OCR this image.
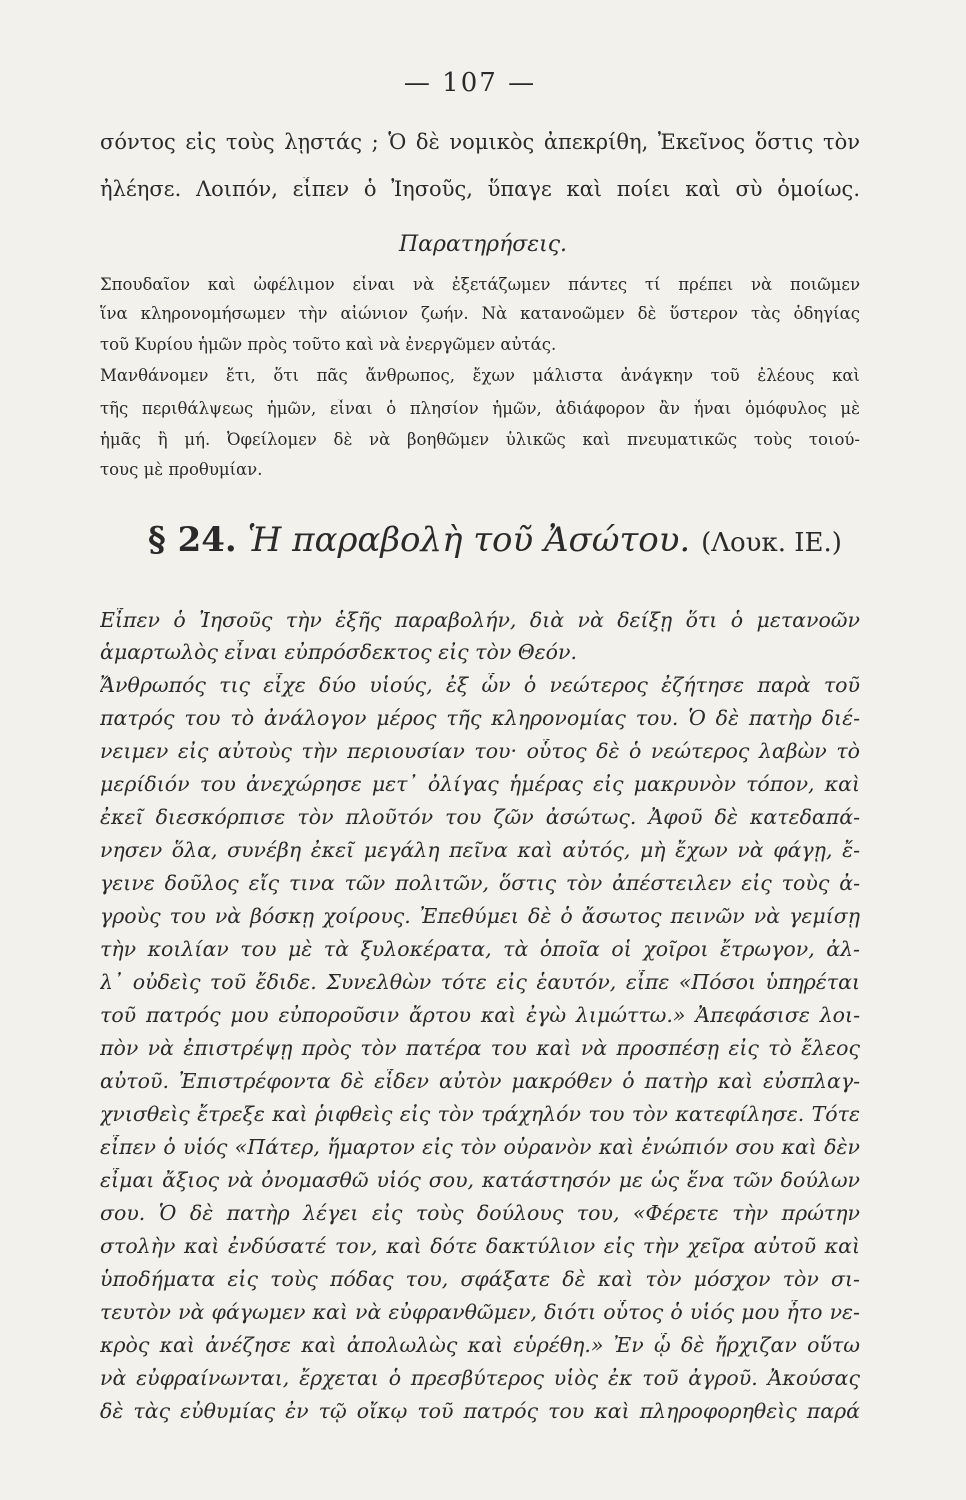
— 107 —
σόντος εἰς τοὺς λῃστάς ; Ὁ δὲ νομικὸς ἀπεκρίθη, Ἐκεῖνος ὅστις τὸν
ἠλέησε. Λοιπόν, εἶπεν ὁ Ἰησοῦς, ὕπαγε καὶ ποίει καὶ σὺ ὁμοίως.
Παρατηρήσεις.
Σπουδαῖον καὶ ὠφέλιμον εἶναι νὰ ἐξετάζωμεν πάντες τί πρέπει νὰ ποιῶμεν
ἵνα κληρονομήσωμεν τὴν αἰώνιον ζωήν. Νὰ κατανοῶμεν δὲ ὕστερον τὰς ὁδηγίας
τοῦ Κυρίου ἡμῶν πρὸς τοῦτο καὶ νὰ ἐνεργῶμεν αὐτάς.
Μανθάνομεν ἔτι, ὅτι πᾶς ἄνθρωπος, ἔχων μάλιστα ἀνάγκην τοῦ ἐλέους καὶ
τῆς περιθάλψεως ἡμῶν, εἶναι ὁ πλησίον ἡμῶν, ἀδιάφορον ἂν ἦναι ὁμόφυλος μὲ
ἡμᾶς ἢ μή. Ὀφείλομεν δὲ νὰ βοηθῶμεν ὑλικῶς καὶ πνευματικῶς τοὺς τοιού-
τους μὲ προθυμίαν.
§ 24. Ἡ παραβολὴ τοῦ Ἀσώτου. (Λουκ. ΙΕ.)
Εἶπεν ὁ Ἰησοῦς τὴν ἑξῆς παραβολήν, διὰ νὰ δείξῃ ὅτι ὁ μετανοῶν
ἁμαρτωλὸς εἶναι εὐπρόσδεκτος εἰς τὸν Θεόν.
Ἄνθρωπός τις εἶχε δύο υἱούς, ἐξ ὧν ὁ νεώτερος ἐζήτησε παρὰ τοῦ
πατρός του τὸ ἀνάλογον μέρος τῆς κληρονομίας του. Ὁ δὲ πατὴρ διέ-
νειμεν εἰς αὐτοὺς τὴν περιουσίαν του· οὗτος δὲ ὁ νεώτερος λαβὼν τὸ
μερίδιόν του ἀνεχώρησε μετ᾽ ὀλίγας ἡμέρας εἰς μακρυνὸν τόπον, καὶ
ἐκεῖ διεσκόρπισε τὸν πλοῦτόν του ζῶν ἀσώτως. Ἀφοῦ δὲ κατεδαπά-
νησεν ὅλα, συνέβη ἐκεῖ μεγάλη πεῖνα καὶ αὐτός, μὴ ἔχων νὰ φάγῃ, ἔ-
γεινε δοῦλος εἴς τινα τῶν πολιτῶν, ὅστις τὸν ἀπέστειλεν εἰς τοὺς ἀ-
γροὺς του νὰ βόσκῃ χοίρους. Ἐπεθύμει δὲ ὁ ἄσωτος πεινῶν νὰ γεμίσῃ
τὴν κοιλίαν του μὲ τὰ ξυλοκέρατα, τὰ ὁποῖα οἱ χοῖροι ἔτρωγον, ἀλ-
λ᾽ οὐδεὶς τοῦ ἔδιδε. Συνελθὼν τότε εἰς ἑαυτόν, εἶπε «Πόσοι ὑπηρέται
τοῦ πατρός μου εὐποροῦσιν ἄρτου καὶ ἐγὼ λιμώττω.» Ἀπεφάσισε λοι-
πὸν νὰ ἐπιστρέψῃ πρὸς τὸν πατέρα του καὶ νὰ προσπέσῃ εἰς τὸ ἔλεος
αὐτοῦ. Ἐπιστρέφοντα δὲ εἶδεν αὐτὸν μακρόθεν ὁ πατὴρ καὶ εὐσπλαγ-
χνισθεὶς ἔτρεξε καὶ ῥιφθεὶς εἰς τὸν τράχηλόν του τὸν κατεφίλησε. Τότε
εἶπεν ὁ υἱός «Πάτερ, ἥμαρτον εἰς τὸν οὐρανὸν καὶ ἐνώπιόν σου καὶ δὲν
εἶμαι ἄξιος νὰ ὀνομασθῶ υἱός σου, κατάστησόν με ὡς ἕνα τῶν δούλων
σου. Ὁ δὲ πατὴρ λέγει εἰς τοὺς δούλους του, «Φέρετε τὴν πρώτην
στολὴν καὶ ἐνδύσατέ τον, καὶ δότε δακτύλιον εἰς τὴν χεῖρα αὐτοῦ καὶ
ὑποδήματα εἰς τοὺς πόδας του, σφάξατε δὲ καὶ τὸν μόσχον τὸν σι-
τευτὸν νὰ φάγωμεν καὶ νὰ εὐφρανθῶμεν, διότι οὗτος ὁ υἱός μου ἦτο νε-
κρὸς καὶ ἀνέζησε καὶ ἀπολωλὼς καὶ εὑρέθη.» Ἐν ᾧ δὲ ἤρχιζαν οὕτω
νὰ εὐφραίνωνται, ἔρχεται ὁ πρεσβύτερος υἱὸς ἐκ τοῦ ἀγροῦ. Ἀκούσας
δὲ τὰς εὐθυμίας ἐν τῷ οἴκῳ τοῦ πατρός του καὶ πληροφορηθεὶς παρά
